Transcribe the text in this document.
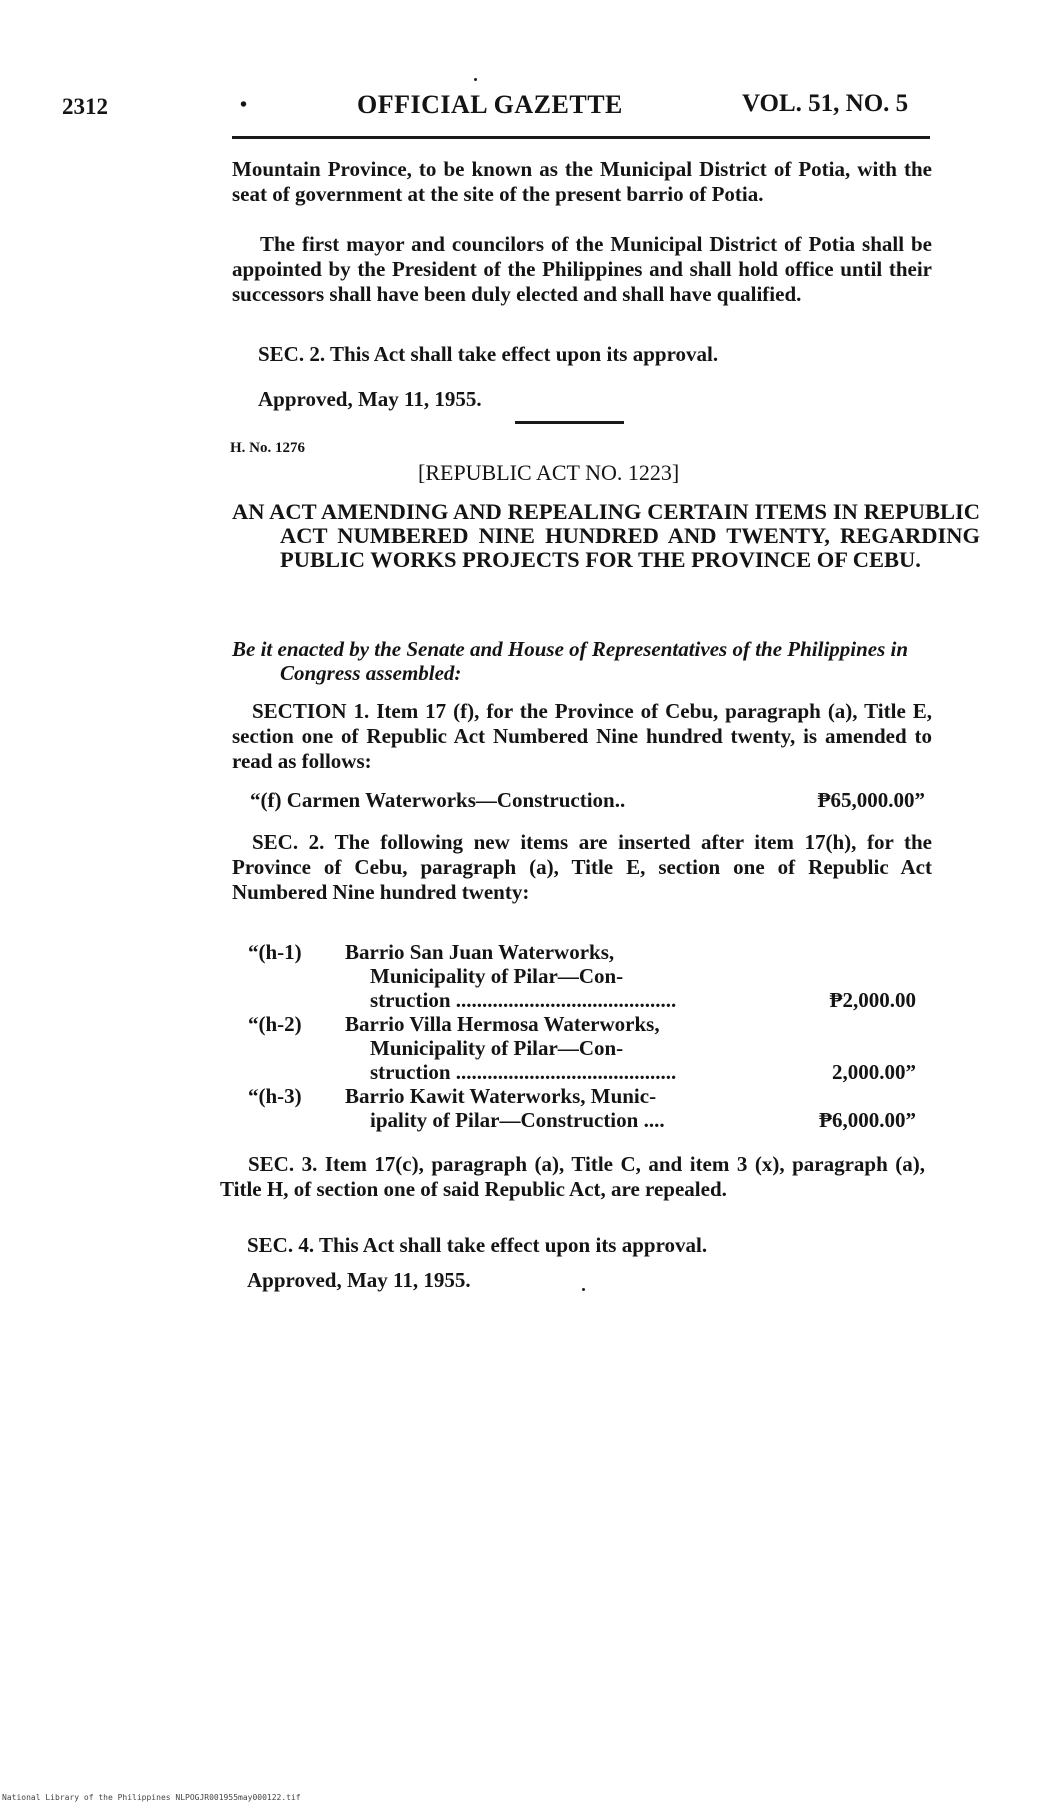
2312	•	OFFICIAL GAZETTE	VOL. 51, NO. 5
Mountain Province, to be known as the Municipal District of Potia, with the seat of government at the site of the present barrio of Potia.
The first mayor and councilors of the Municipal District of Potia shall be appointed by the President of the Philippines and shall hold office until their successors shall have been duly elected and shall have qualified.
SEC. 2. This Act shall take effect upon its approval.
Approved, May 11, 1955.
H. No. 1276
[REPUBLIC ACT NO. 1223]
AN ACT AMENDING AND REPEALING CERTAIN ITEMS IN REPUBLIC ACT NUMBERED NINE HUNDRED AND TWENTY, REGARDING PUBLIC WORKS PROJECTS FOR THE PROVINCE OF CEBU.
Be it enacted by the Senate and House of Representatives of the Philippines in Congress assembled:
SECTION 1. Item 17 (f), for the Province of Cebu, paragraph (a), Title E, section one of Republic Act Numbered Nine hundred twenty, is amended to read as follows:
“(f) Carmen Waterworks—Construction..	₱65,000.00”
SEC. 2. The following new items are inserted after item 17(h), for the Province of Cebu, paragraph (a), Title E, section one of Republic Act Numbered Nine hundred twenty:
“(h-1) Barrio San Juan Waterworks,
Municipality of Pilar—Con-
struction ..........................................	₱2,000.00
“(h-2) Barrio Villa Hermosa Waterworks,
Municipality of Pilar—Con-
struction ..........................................	2,000.00”
“(h-3) Barrio Kawit Waterworks, Munic-
ipality of Pilar—Construction ....	₱6,000.00”
SEC. 3. Item 17(c), paragraph (a), Title C, and item 3 (x), paragraph (a), Title H, of section one of said Republic Act, are repealed.
SEC. 4. This Act shall take effect upon its approval.
Approved, May 11, 1955.
National Library of the Philippines NLPOGJR001955may000122.tif
